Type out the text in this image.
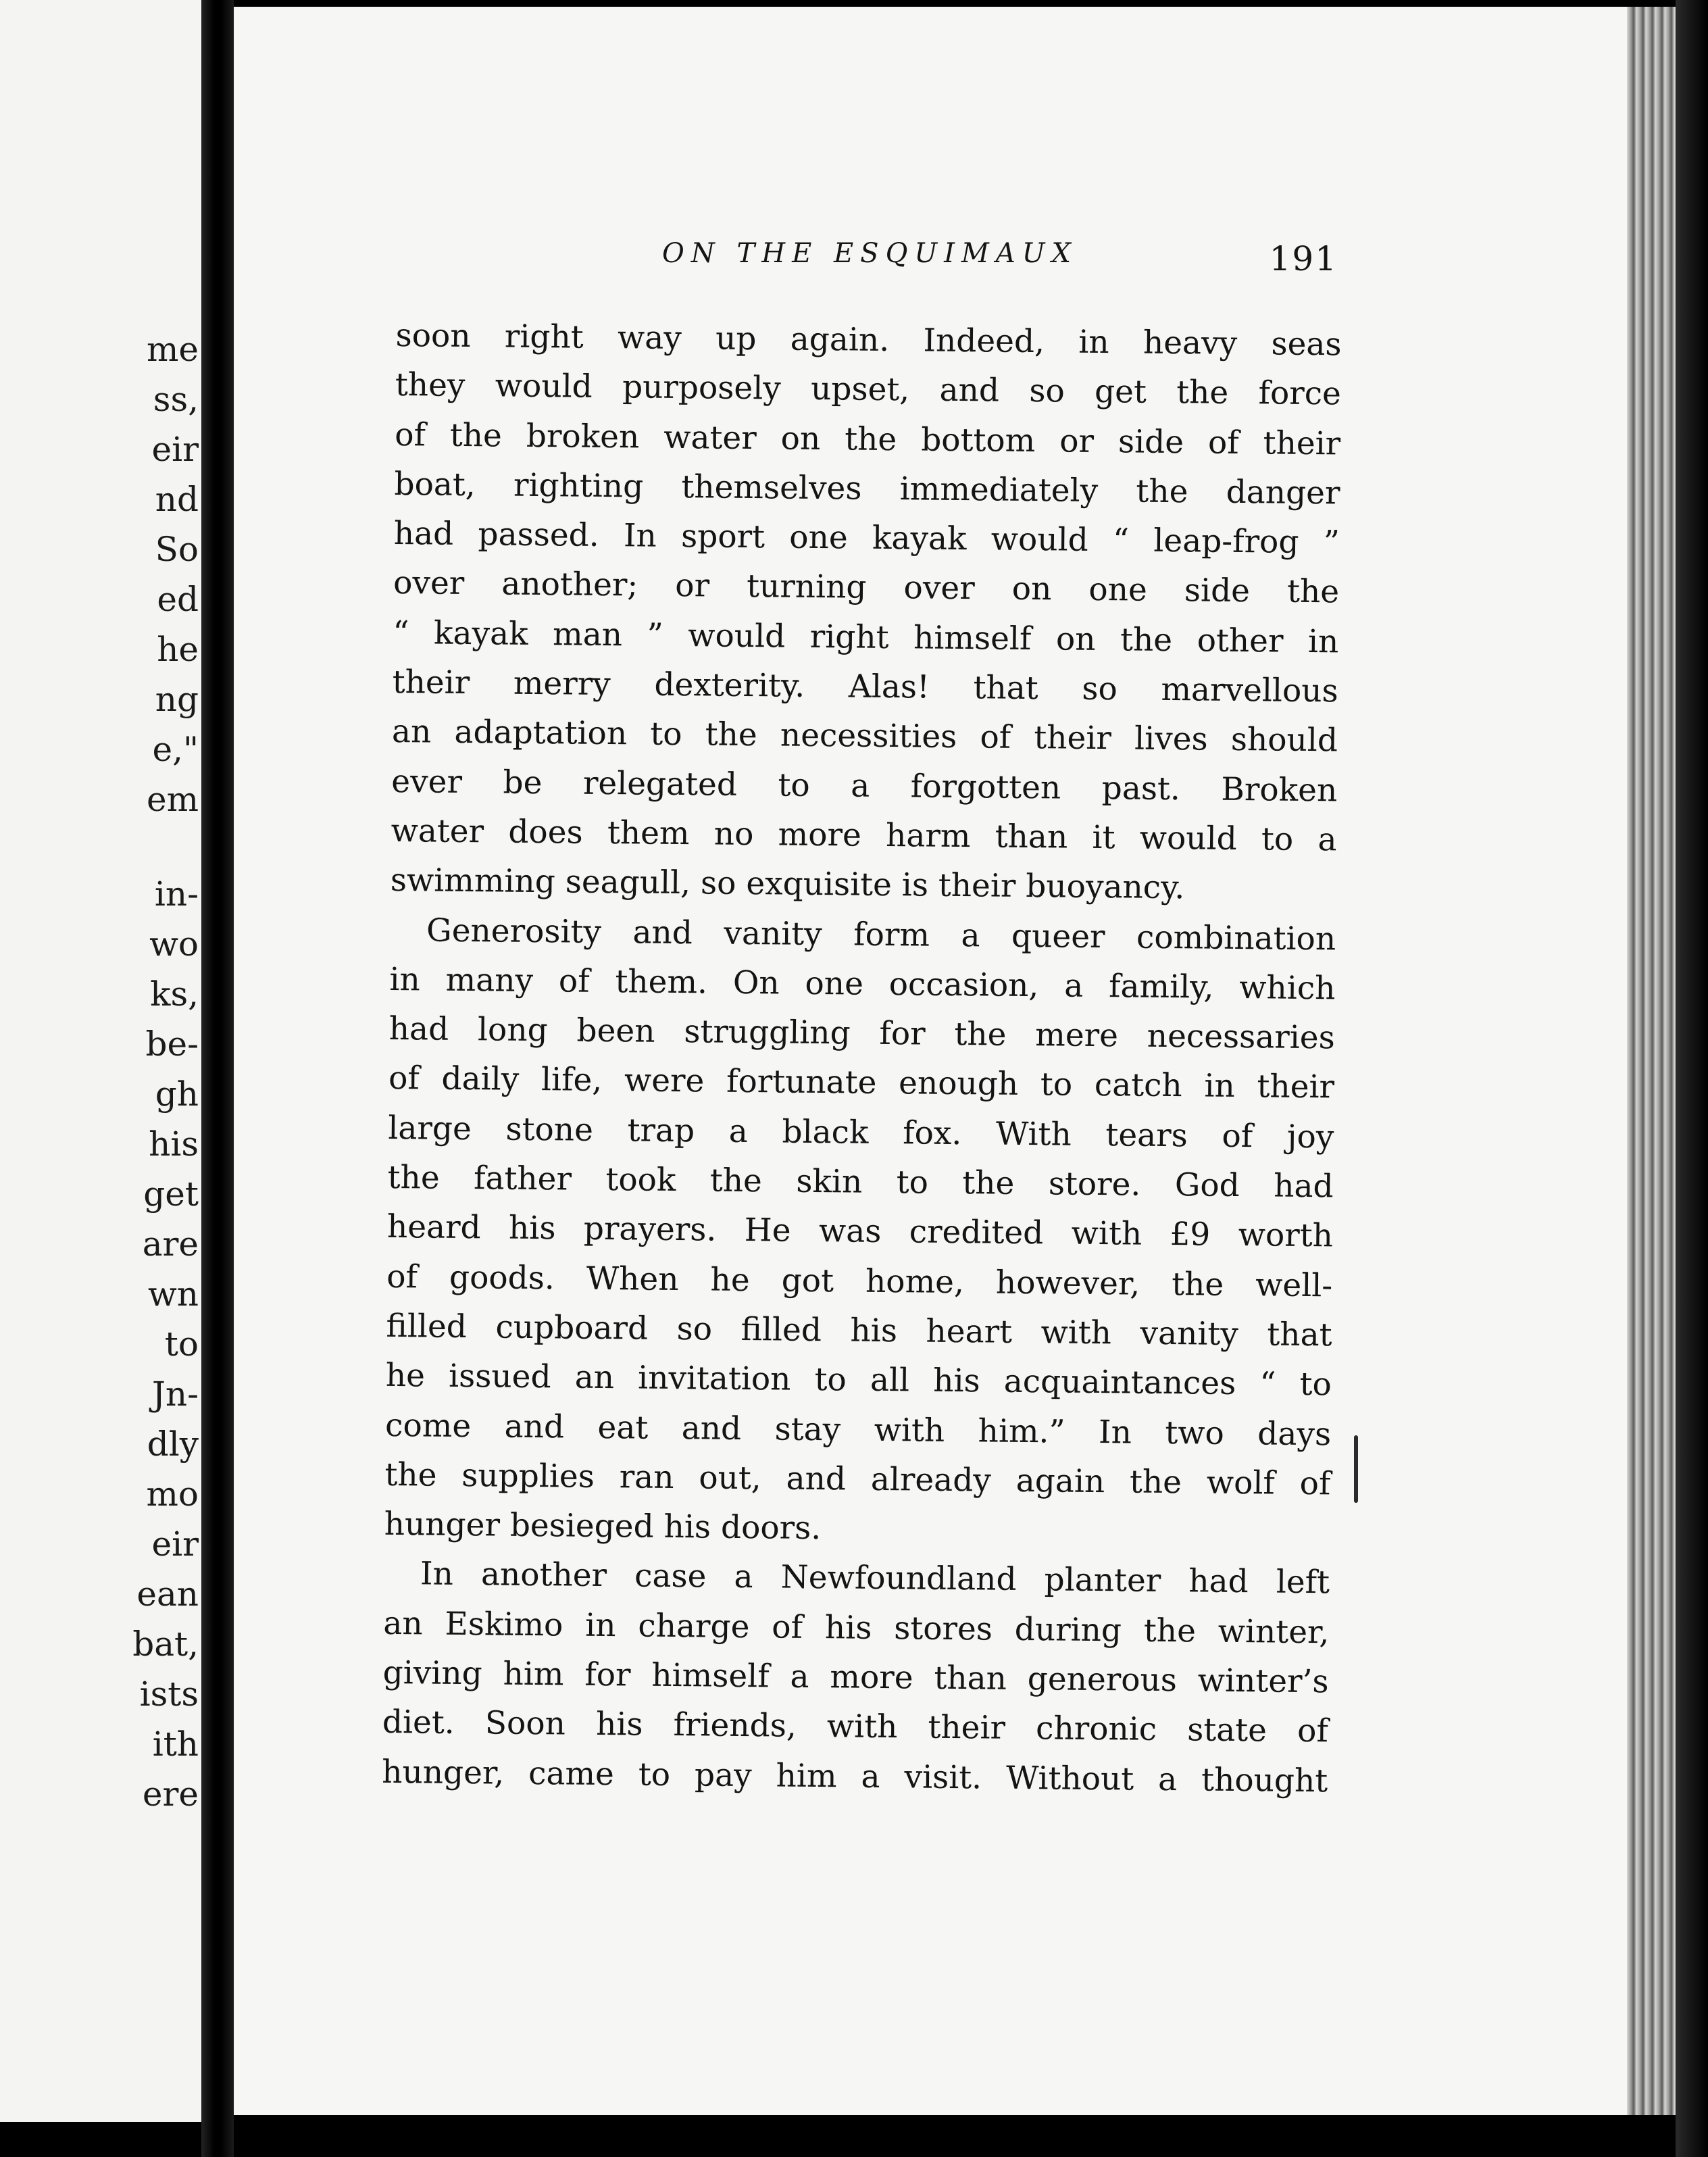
me
ss,
eir
nd
So
ed
he
ng
e,"
em
in-
wo
ks,
be-
gh
his
get
are
wn
to
Jn-
dly
mo
eir
ean
bat,
ists
ith
ere
ON THE ESQUIMAUX	191
soon right way up again. Indeed, in heavy seas
they would purposely upset, and so get the force
of the broken water on the bottom or side of their
boat, righting themselves immediately the danger
had passed. In sport one kayak would “ leap-frog ”
over another; or turning over on one side the
“ kayak man ” would right himself on the other in
their merry dexterity. Alas! that so marvellous
an adaptation to the necessities of their lives should
ever be relegated to a forgotten past. Broken
water does them no more harm than it would to a
swimming seagull, so exquisite is their buoyancy.
Generosity and vanity form a queer combination
in many of them. On one occasion, a family, which
had long been struggling for the mere necessaries
of daily life, were fortunate enough to catch in their
large stone trap a black fox. With tears of joy
the father took the skin to the store. God had
heard his prayers. He was credited with £9 worth
of goods. When he got home, however, the well-
filled cupboard so filled his heart with vanity that
he issued an invitation to all his acquaintances “ to
come and eat and stay with him.” In two days
the supplies ran out, and already again the wolf of
hunger besieged his doors.
In another case a Newfoundland planter had left
an Eskimo in charge of his stores during the winter,
giving him for himself a more than generous winter’s
diet. Soon his friends, with their chronic state of
hunger, came to pay him a visit. Without a thought
